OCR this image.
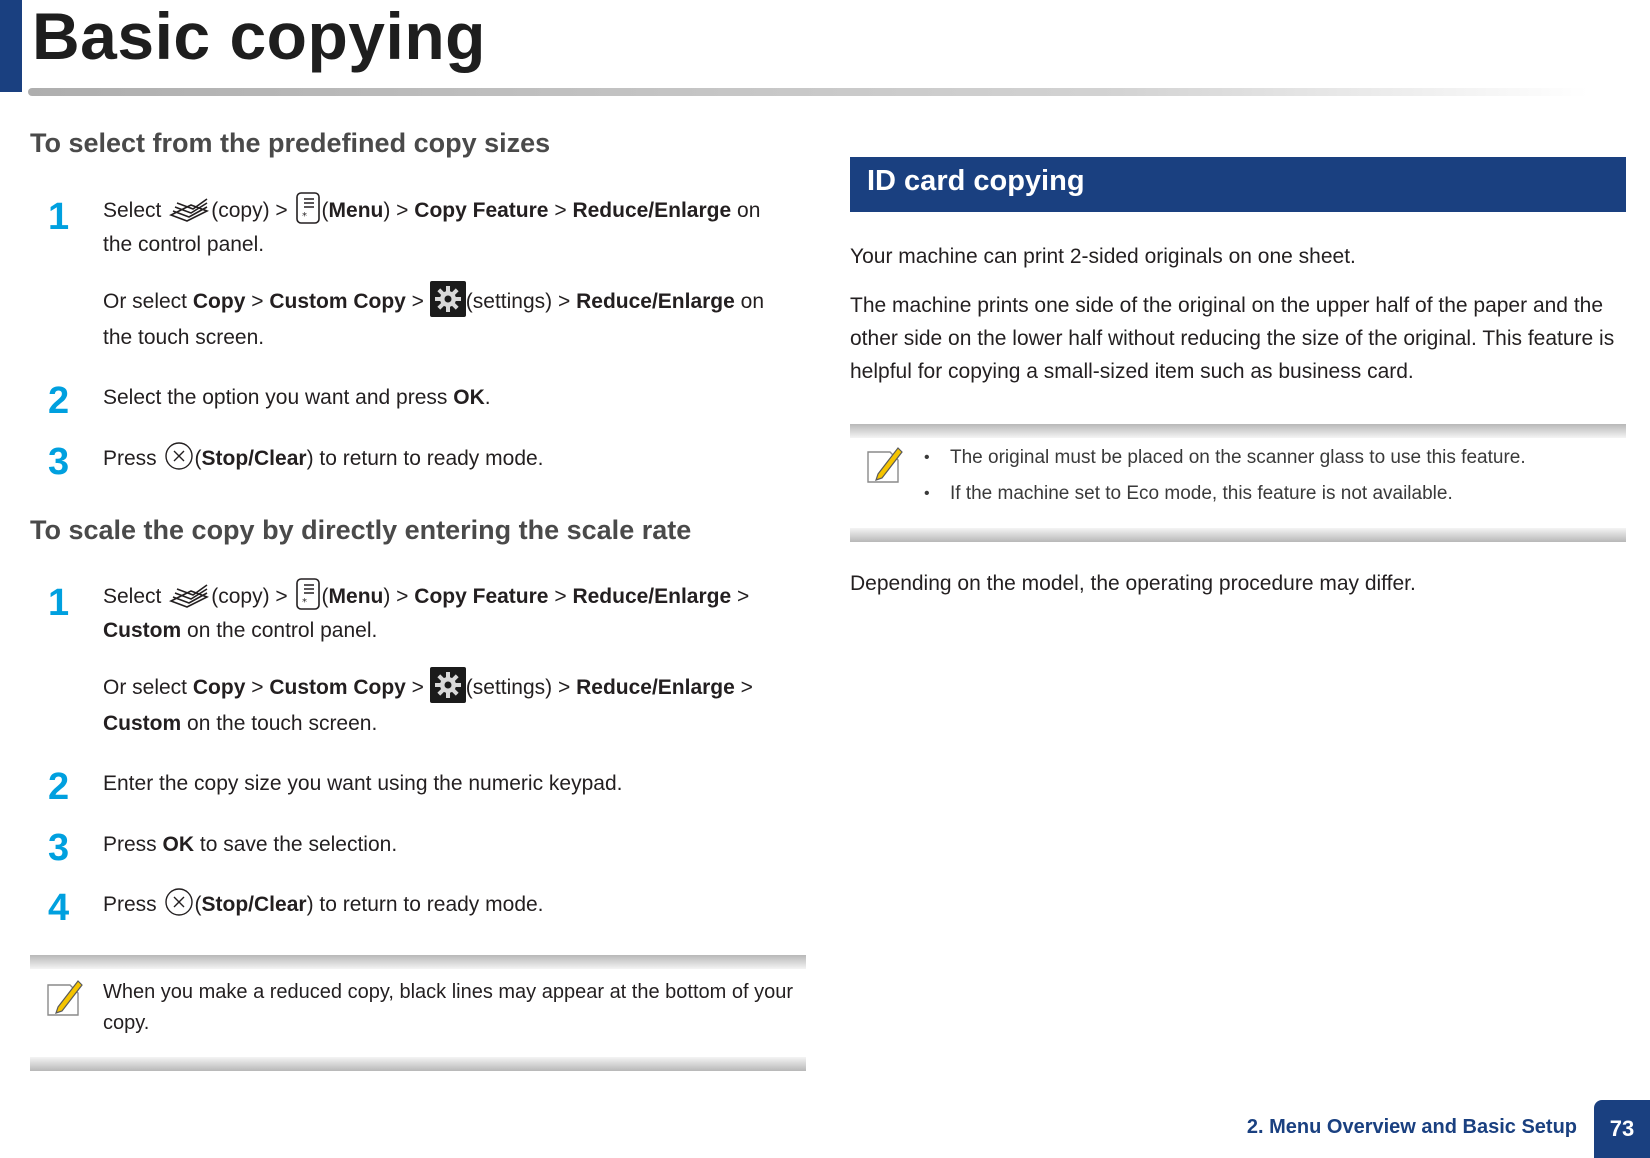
Basic copying
To select from the predefined copy sizes
1 Select (copy) > * (Menu) > Copy Feature > Reduce/Enlarge on
the control panel.
Or select Copy > Custom Copy > (settings) > Reduce/Enlarge on
the touch screen.
2 Select the option you want and press OK.
3 Press (Stop/Clear) to return to ready mode.
To scale the copy by directly entering the scale rate
1 Select (copy) > * (Menu) > Copy Feature > Reduce/Enlarge >
Custom on the control panel.
Or select Copy > Custom Copy > (settings) > Reduce/Enlarge >
Custom on the touch screen.
2 Enter the copy size you want using the numeric keypad.
3 Press OK to save the selection.
4 Press (Stop/Clear) to return to ready mode.
When you make a reduced copy, black lines may appear at the bottom of your copy.
ID card copying
Your machine can print 2-sided originals on one sheet.
The machine prints one side of the original on the upper half of the paper and the other side on the lower half without reducing the size of the original. This feature is helpful for copying a small-sized item such as business card.
• The original must be placed on the scanner glass to use this feature.
• If the machine set to Eco mode, this feature is not available.
Depending on the model, the operating procedure may differ.
2. Menu Overview and Basic Setup	73
